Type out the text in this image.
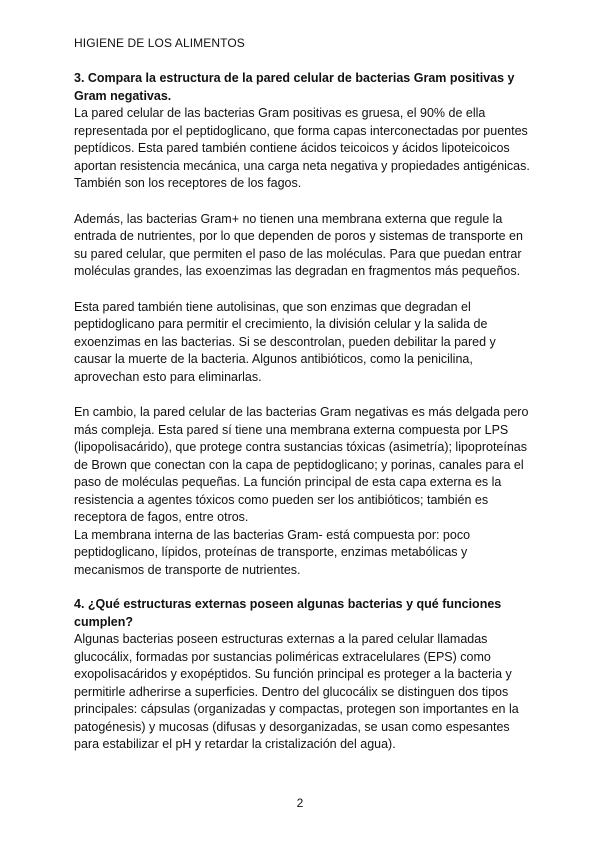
HIGIENE DE LOS ALIMENTOS

3. Compara la estructura de la pared celular de bacterias Gram positivas y Gram negativas.

La pared celular de las bacterias Gram positivas es gruesa, el 90% de ella representada por el peptidoglicano, que forma capas interconectadas por puentes peptídicos. Esta pared también contiene ácidos teicoicos y ácidos lipoteicoicos aportan resistencia mecánica, una carga neta negativa y propiedades antigénicas. También son los receptores de los fagos.

Además, las bacterias Gram+ no tienen una membrana externa que regule la entrada de nutrientes, por lo que dependen de poros y sistemas de transporte en su pared celular, que permiten el paso de las moléculas. Para que puedan entrar moléculas grandes, las exoenzimas las degradan en fragmentos más pequeños.

Esta pared también tiene autolisinas, que son enzimas que degradan el peptidoglicano para permitir el crecimiento, la división celular y la salida de exoenzimas en las bacterias. Si se descontrolan, pueden debilitar la pared y causar la muerte de la bacteria. Algunos antibióticos, como la penicilina, aprovechan esto para eliminarlas.

En cambio, la pared celular de las bacterias Gram negativas es más delgada pero más compleja. Esta pared sí tiene una membrana externa compuesta por LPS (lipopolisacárido), que protege contra sustancias tóxicas (asimetría); lipoproteínas de Brown que conectan con la capa de peptidoglicano; y porinas, canales para el paso de moléculas pequeñas. La función principal de esta capa externa es la resistencia a agentes tóxicos como pueden ser los antibióticos; también es receptora de fagos, entre otros.

La membrana interna de las bacterias Gram- está compuesta por: poco peptidoglicano, lípidos, proteínas de transporte, enzimas metabólicas y mecanismos de transporte de nutrientes.

4. ¿Qué estructuras externas poseen algunas bacterias y qué funciones cumplen?

Algunas bacterias poseen estructuras externas a la pared celular llamadas glucocálix, formadas por sustancias poliméricas extracelulares (EPS) como exopolisacáridos y exopéptidos. Su función principal es proteger a la bacteria y permitirle adherirse a superficies. Dentro del glucocálix se distinguen dos tipos principales: cápsulas (organizadas y compactas, protegen son importantes en la patogénesis) y mucosas (difusas y desorganizadas, se usan como espesantes para estabilizar el pH y retardar la cristalización del agua).

2
